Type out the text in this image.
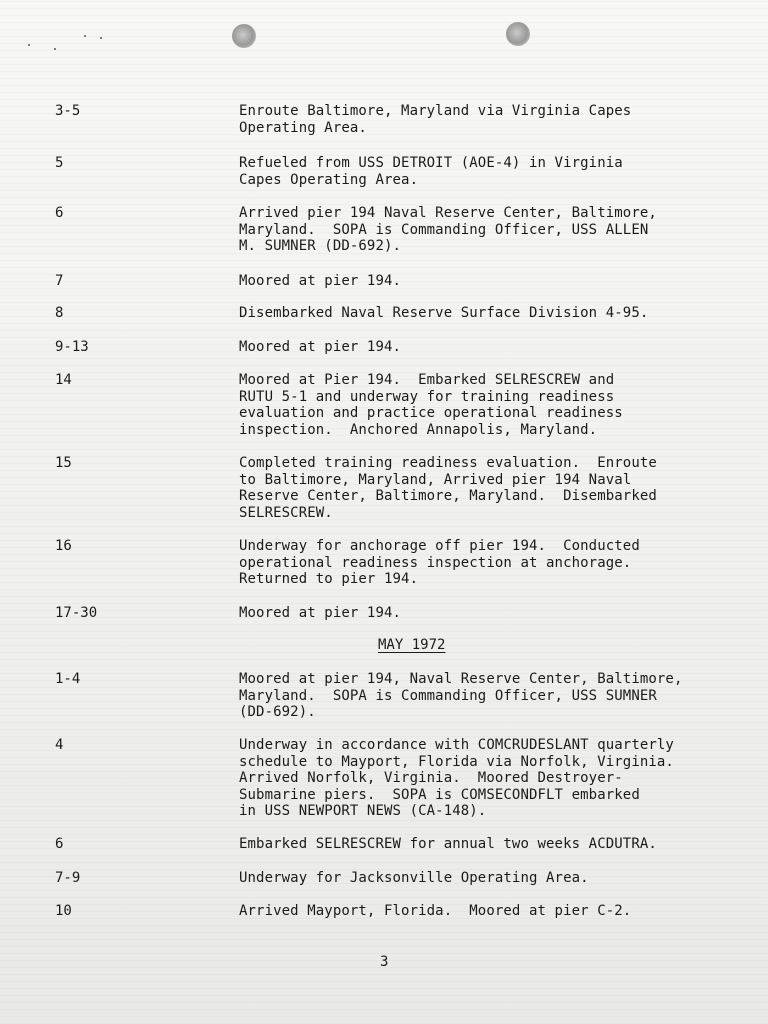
3-5	Enroute Baltimore, Maryland via Virginia Capes
Operating Area.
5	Refueled from USS DETROIT (AOE-4) in Virginia
Capes Operating Area.
6	Arrived pier 194 Naval Reserve Center, Baltimore,
Maryland.  SOPA is Commanding Officer, USS ALLEN
M. SUMNER (DD-692).
7	Moored at pier 194.
8	Disembarked Naval Reserve Surface Division 4-95.
9-13	Moored at pier 194.
14	Moored at Pier 194.  Embarked SELRESCREW and
RUTU 5-1 and underway for training readiness
evaluation and practice operational readiness
inspection.  Anchored Annapolis, Maryland.
15	Completed training readiness evaluation.  Enroute
to Baltimore, Maryland, Arrived pier 194 Naval
Reserve Center, Baltimore, Maryland.  Disembarked
SELRESCREW.
16	Underway for anchorage off pier 194.  Conducted
operational readiness inspection at anchorage.
Returned to pier 194.
17-30	Moored at pier 194.
MAY 1972
1-4	Moored at pier 194, Naval Reserve Center, Baltimore,
Maryland.  SOPA is Commanding Officer, USS SUMNER
(DD-692).
4	Underway in accordance with COMCRUDESLANT quarterly
schedule to Mayport, Florida via Norfolk, Virginia.
Arrived Norfolk, Virginia.  Moored Destroyer-
Submarine piers.  SOPA is COMSECONDFLT embarked
in USS NEWPORT NEWS (CA-148).
6	Embarked SELRESCREW for annual two weeks ACDUTRA.
7-9	Underway for Jacksonville Operating Area.
10	Arrived Mayport, Florida.  Moored at pier C-2.
3
